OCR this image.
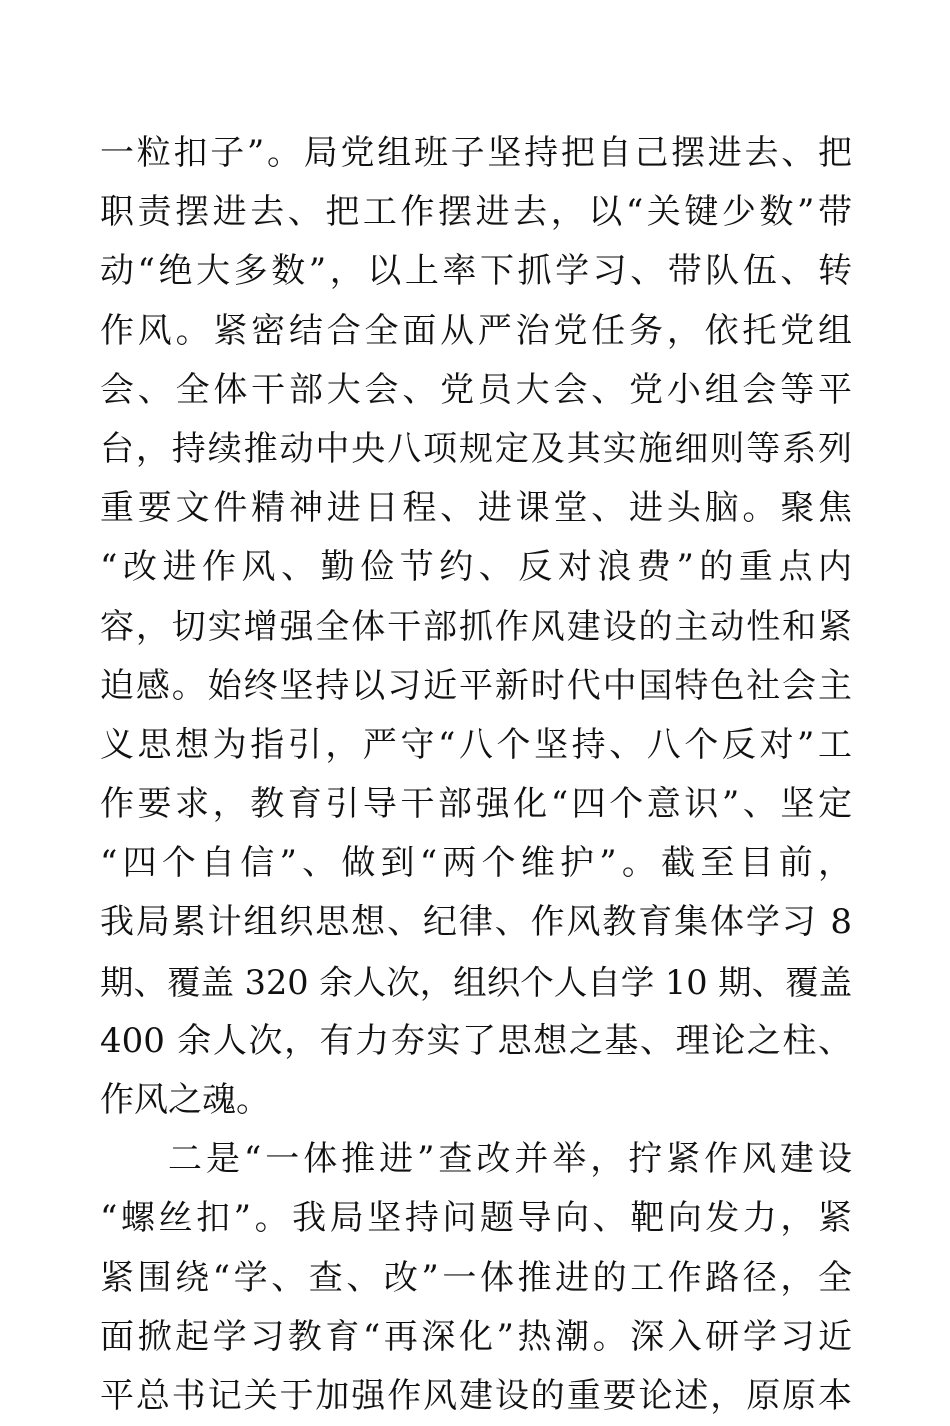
一粒扣子”。局党组班子坚持把自己摆进去、把
职责摆进去、把工作摆进去，以“关键少数”带
动“绝大多数”，以上率下抓学习、带队伍、转
作风。紧密结合全面从严治党任务，依托党组
会、全体干部大会、党员大会、党小组会等平
台，持续推动中央八项规定及其实施细则等系列
重要文件精神进日程、进课堂、进头脑。聚焦
“改进作风、勤俭节约、反对浪费”的重点内
容，切实增强全体干部抓作风建设的主动性和紧
迫感。始终坚持以习近平新时代中国特色社会主
义思想为指引，严守“八个坚持、八个反对”工
作要求，教育引导干部强化“四个意识”、坚定
“四个自信”、做到“两个维护”。截至目前，
我局累计组织思想、纪律、作风教育集体学习 8
期、覆盖 320 余人次，组织个人自学 10 期、覆盖
400 余人次，有力夯实了思想之基、理论之柱、
作风之魂。
二是“一体推进”查改并举，拧紧作风建设
“螺丝扣”。我局坚持问题导向、靶向发力，紧
紧围绕“学、查、改”一体推进的工作路径，全
面掀起学习教育“再深化”热潮。深入研学习近
平总书记关于加强作风建设的重要论述，原原本
